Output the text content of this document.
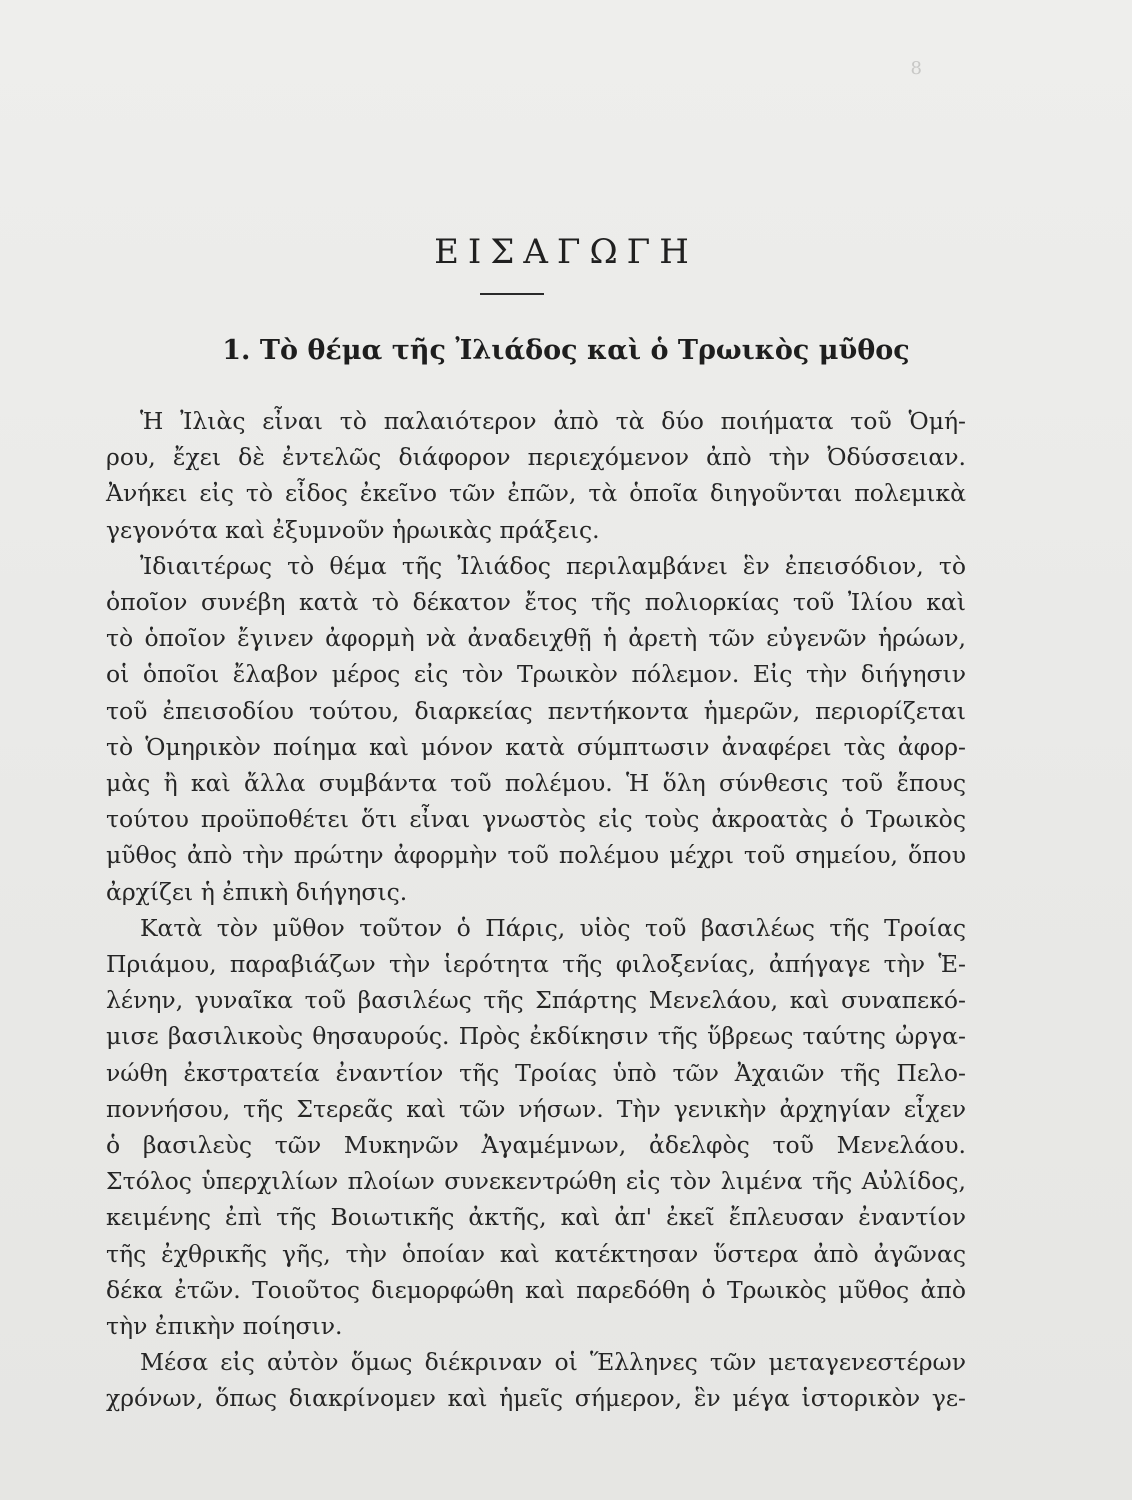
8
ΕΙΣΑΓΩΓΗ
1. Τὸ θέμα τῆς Ἰλιάδος καὶ ὁ Τρωικὸς μῦθος
Ἡ Ἰλιὰς εἶναι τὸ παλαιότερον ἀπὸ τὰ δύο ποιήματα τοῦ Ὁμή-
ρου, ἔχει δὲ ἐντελῶς διάφορον περιεχόμενον ἀπὸ τὴν Ὀδύσσειαν.
Ἀνήκει εἰς τὸ εἶδος ἐκεῖνο τῶν ἐπῶν, τὰ ὁποῖα διηγοῦνται πολεμικὰ
γεγονότα καὶ ἐξυμνοῦν ἡρωικὰς πράξεις.
Ἰδιαιτέρως τὸ θέμα τῆς Ἰλιάδος περιλαμβάνει ἓν ἐπεισόδιον, τὸ
ὁποῖον συνέβη κατὰ τὸ δέκατον ἔτος τῆς πολιορκίας τοῦ Ἰλίου καὶ
τὸ ὁποῖον ἔγινεν ἀφορμὴ νὰ ἀναδειχθῇ ἡ ἀρετὴ τῶν εὐγενῶν ἡρώων,
οἱ ὁποῖοι ἔλαβον μέρος εἰς τὸν Τρωικὸν πόλεμον. Εἰς τὴν διήγησιν
τοῦ ἐπεισοδίου τούτου, διαρκείας πεντήκοντα ἡμερῶν, περιορίζεται
τὸ Ὁμηρικὸν ποίημα καὶ μόνον κατὰ σύμπτωσιν ἀναφέρει τὰς ἀφορ-
μὰς ἢ καὶ ἄλλα συμβάντα τοῦ πολέμου. Ἡ ὅλη σύνθεσις τοῦ ἔπους
τούτου προϋποθέτει ὅτι εἶναι γνωστὸς εἰς τοὺς ἀκροατὰς ὁ Τρωικὸς
μῦθος ἀπὸ τὴν πρώτην ἀφορμὴν τοῦ πολέμου μέχρι τοῦ σημείου, ὅπου
ἀρχίζει ἡ ἐπικὴ διήγησις.
Κατὰ τὸν μῦθον τοῦτον ὁ Πάρις, υἱὸς τοῦ βασιλέως τῆς Τροίας
Πριάμου, παραβιάζων τὴν ἱερότητα τῆς φιλοξενίας, ἀπήγαγε τὴν Ἑ-
λένην, γυναῖκα τοῦ βασιλέως τῆς Σπάρτης Μενελάου, καὶ συναπεκό-
μισε βασιλικοὺς θησαυρούς. Πρὸς ἐκδίκησιν τῆς ὕβρεως ταύτης ὠργα-
νώθη ἐκστρατεία ἐναντίον τῆς Τροίας ὑπὸ τῶν Ἀχαιῶν τῆς Πελο-
ποννήσου, τῆς Στερεᾶς καὶ τῶν νήσων. Τὴν γενικὴν ἀρχηγίαν εἶχεν
ὁ βασιλεὺς τῶν Μυκηνῶν Ἀγαμέμνων, ἀδελφὸς τοῦ Μενελάου.
Στόλος ὑπερχιλίων πλοίων συνεκεντρώθη εἰς τὸν λιμένα τῆς Αὐλίδος,
κειμένης ἐπὶ τῆς Βοιωτικῆς ἀκτῆς, καὶ ἀπ' ἐκεῖ ἔπλευσαν ἐναντίον
τῆς ἐχθρικῆς γῆς, τὴν ὁποίαν καὶ κατέκτησαν ὕστερα ἀπὸ ἀγῶνας
δέκα ἐτῶν. Τοιοῦτος διεμορφώθη καὶ παρεδόθη ὁ Τρωικὸς μῦθος ἀπὸ
τὴν ἐπικὴν ποίησιν.
Μέσα εἰς αὐτὸν ὅμως διέκριναν οἱ Ἕλληνες τῶν μεταγενεστέρων
χρόνων, ὅπως διακρίνομεν καὶ ἡμεῖς σήμερον, ἓν μέγα ἱστορικὸν γε-
